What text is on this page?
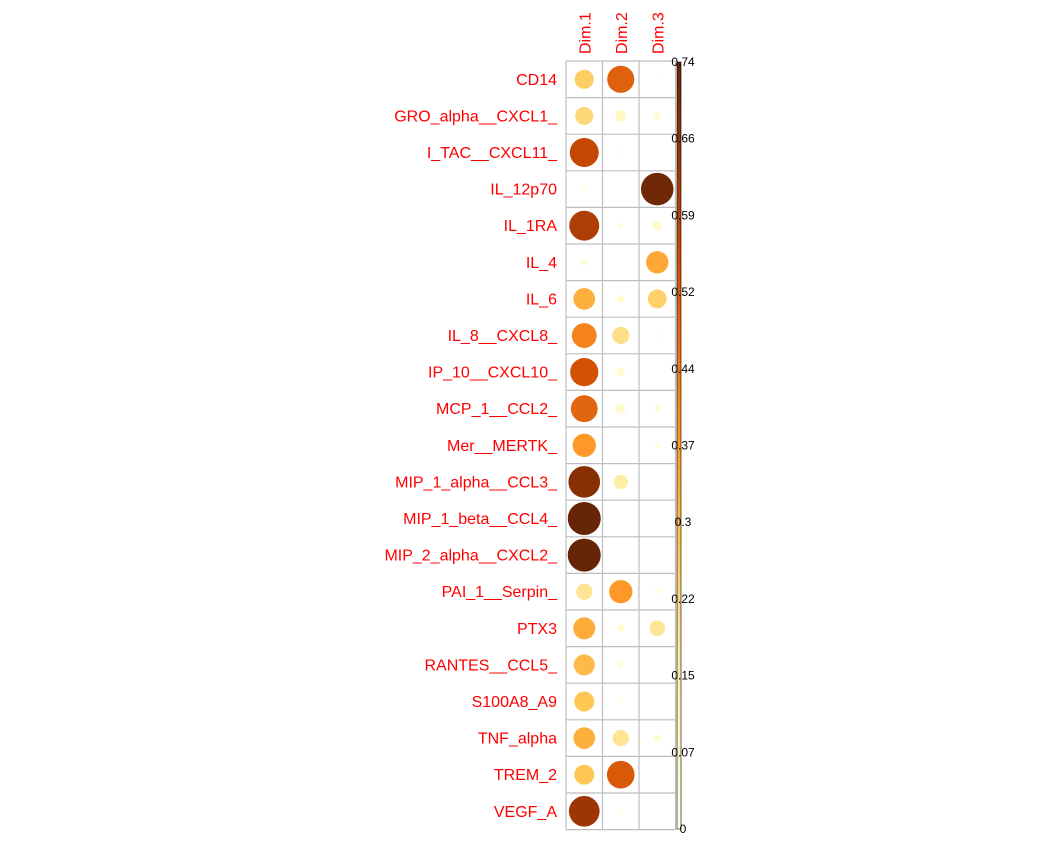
Dim.1 Dim.2 Dim.3
CD14
GRO_alpha__CXCL1_
I_TAC__CXCL11_
IL_12p70
IL_1RA
IL_4
IL_6
IL_8__CXCL8_
IP_10__CXCL10_
MCP_1__CCL2_
Mer__MERTK_
MIP_1_alpha__CCL3_
MIP_1_beta__CCL4_
MIP_2_alpha__CXCL2_
PAI_1__Serpin_
PTX3
RANTES__CCL5_
S100A8_A9
TNF_alpha
TREM_2
VEGF_A
0
0.07
0.15
0.22
0.3
0.37
0.44
0.52
0.59
0.66
0.74
